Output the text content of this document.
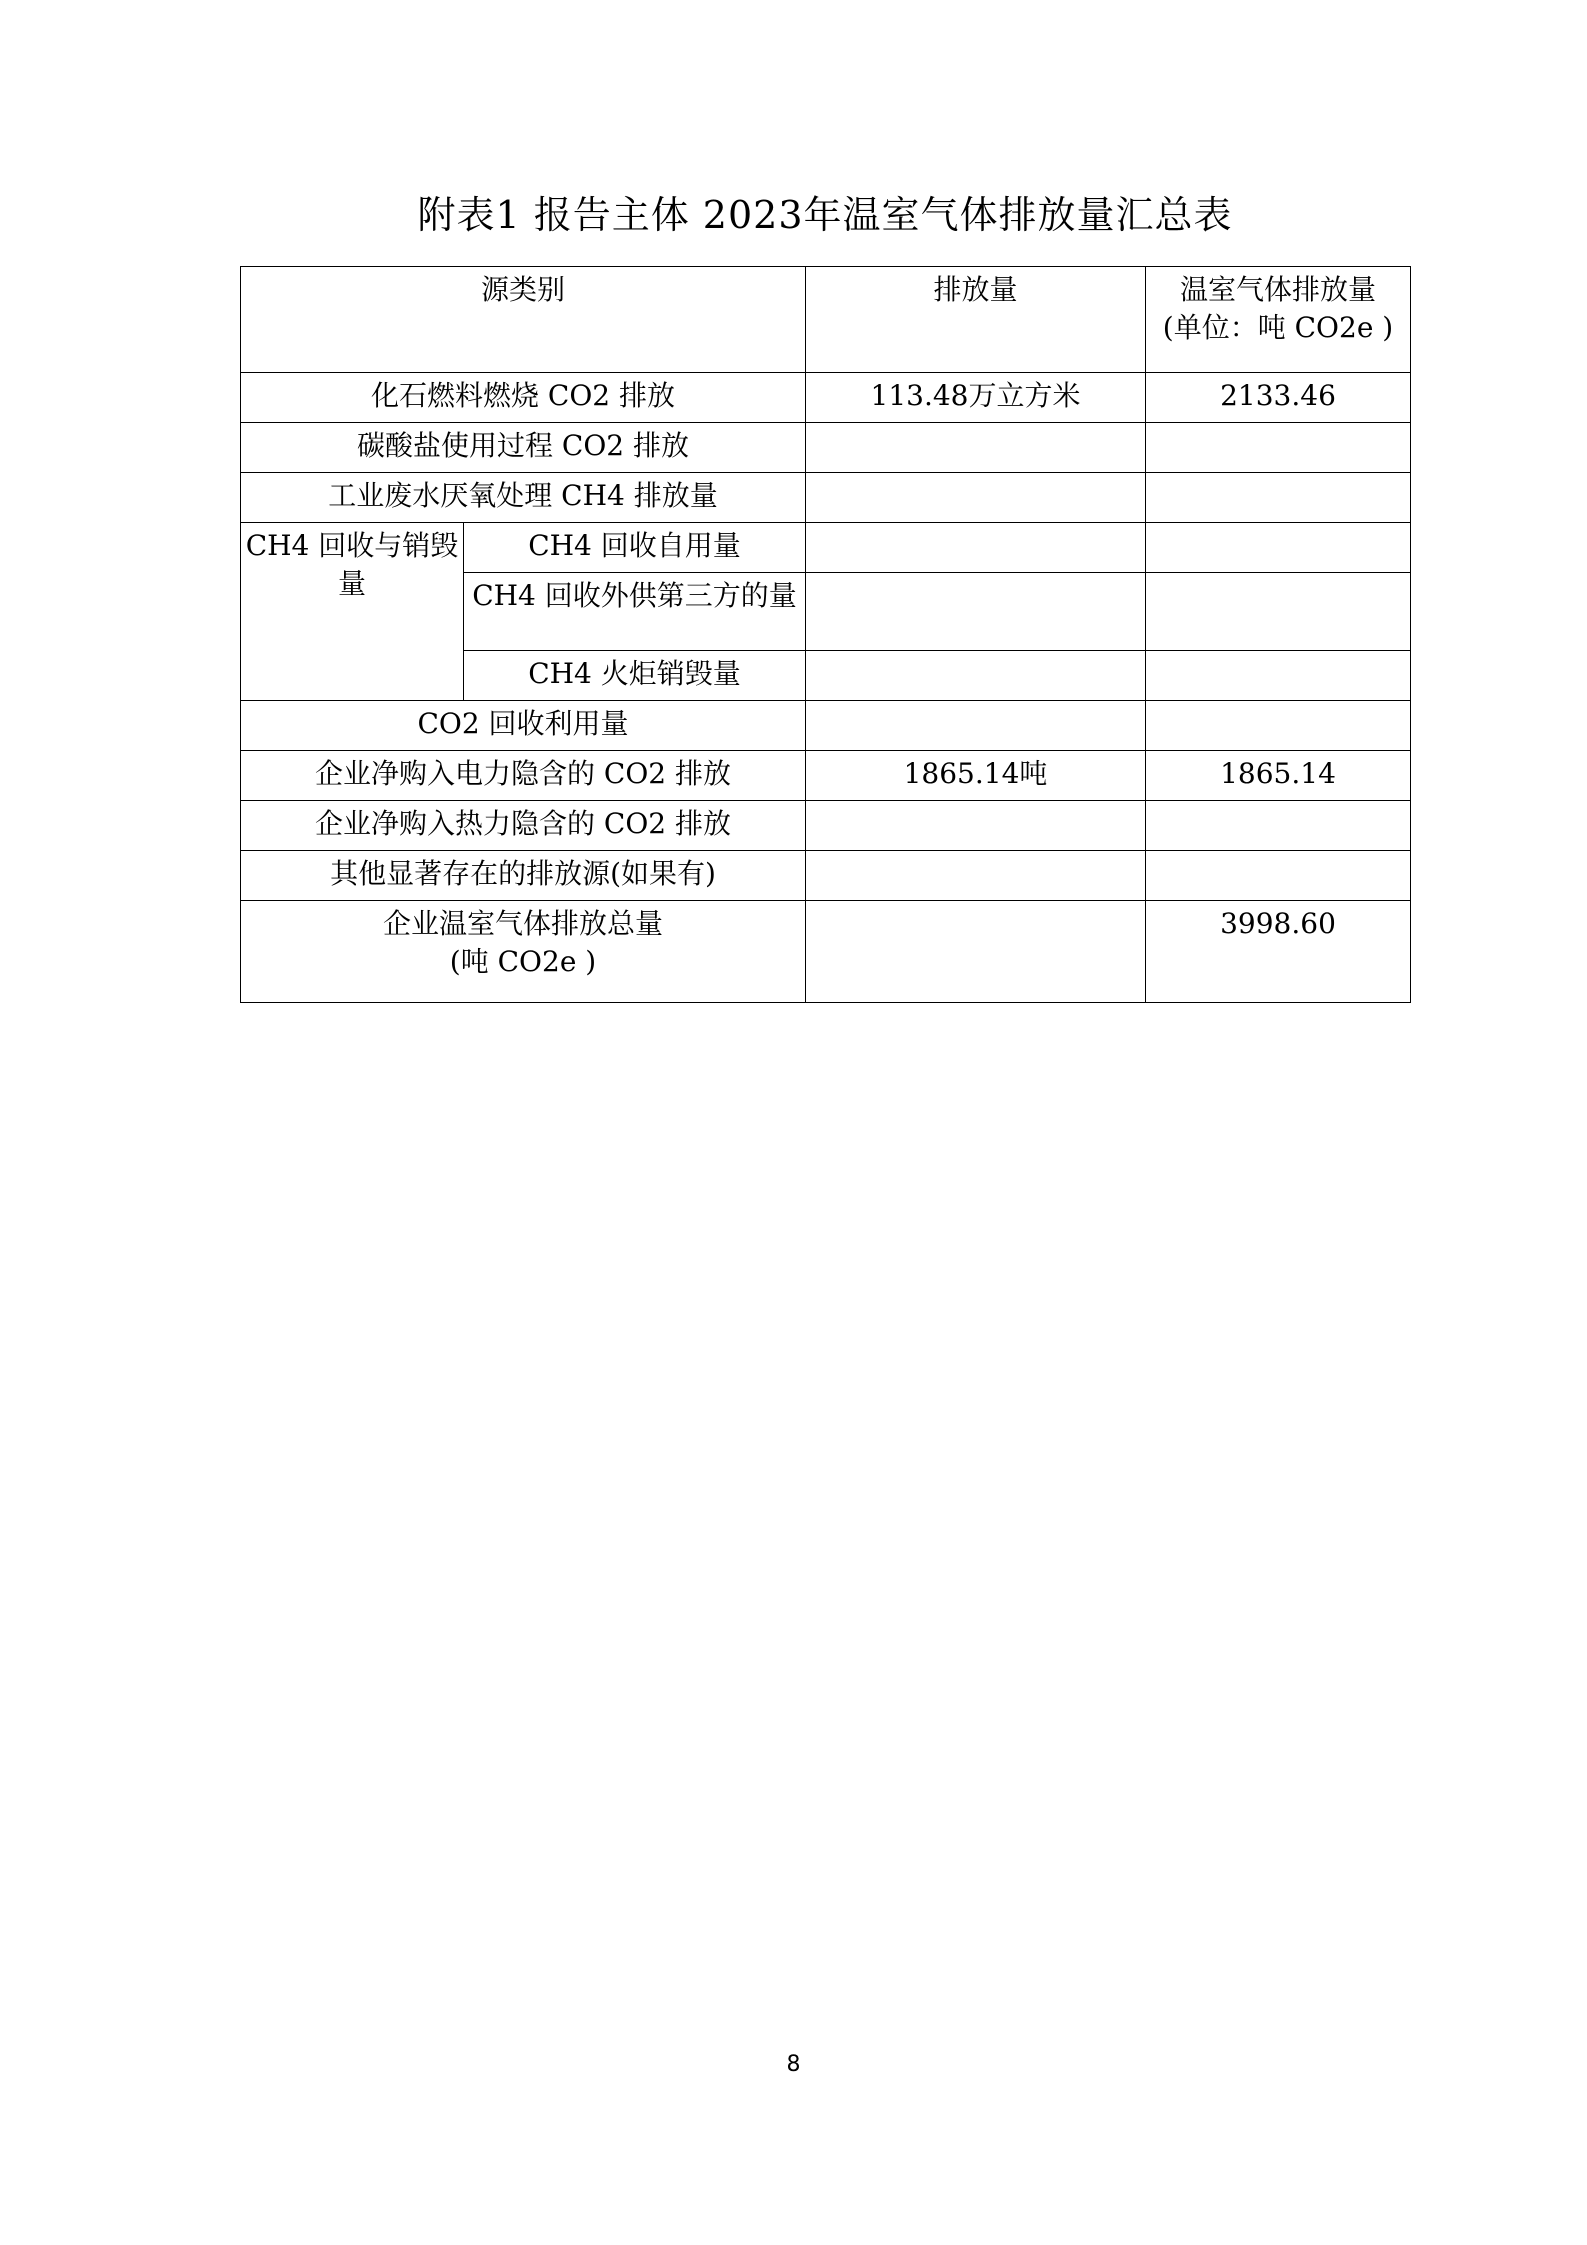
附表1 报告主体 2023年温室气体排放量汇总表
源类别		排放量	温室气体排放量
(单位：吨 CO2e )

化石燃料燃烧 CO2 排放		113.48万立方米	2133.46
碳酸盐使用过程 CO2 排放			
工业废水厌氧处理 CH4 排放量			
CH4 回收与销毁 量	CH4 回收自用量		
	CH4 回收外供第三方的量		
	CH4 火炬销毁量		
CO2 回收利用量			
企业净购入电力隐含的 CO2 排放		1865.14吨	1865.14
企业净购入热力隐含的 CO2 排放			
其他显著存在的排放源(如果有)			

企业温室气体排放总量
(吨 CO2e )			3998.60
8
